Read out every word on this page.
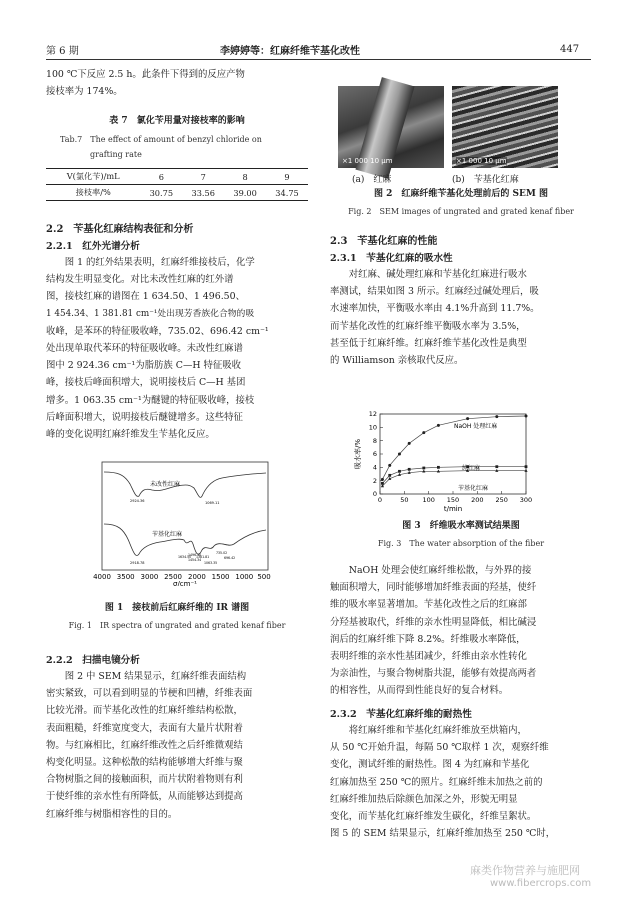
第 6 期	李婷婷等：红麻纤维苄基化改性	447

100 ℃下反应 2.5 h。此条件下得到的反应产物

接枝率为 174%。

表 7　氯化苄用量对接枝率的影响
Tab.7　The effect of amount of benzyl chloride on
grafting rate
V(氯化苄)/mL	6	7	8	9
接枝率/%	30.75	33.56	39.00	34.75
2.2　苄基化红麻结构表征和分析
2.2.1　红外光谱分析

　　图 1 的红外结果表明，红麻纤维接枝后，化学

结构发生明显变化。对比未改性红麻的红外谱

图，接枝红麻的谱图在 1 634.50、1 496.50、

1 454.34、1 381.81 cm⁻¹处出现芳香族化合物的吸

收峰，是苯环的特征吸收峰，735.02、696.42 cm⁻¹

处出现单取代苯环的特征吸收峰。未改性红麻谱

图中 2 924.36 cm⁻¹为脂肪族 C—H 特征吸收

峰，接枝后峰面积增大，说明接枝后 C—H 基团

增多。1 063.35 cm⁻¹为醚键的特征吸收峰，接枝

后峰面积增大，说明接枝后醚键增多。这些特征

峰的变化说明红麻纤维发生苄基化反应。

未改性红麻
2924.36	1069.11
苄基化红麻
2918.78
1634.50
1496.50
1454.34
1381.81
1063.35
735.02
696.42
4000 3500 3000 2500 2000 1500 1000 500
σ/cm⁻¹
图 1　接枝前后红麻纤维的 IR 谱图
Fig. 1　IR spectra of ungrated and grated kenaf fiber
2.2.2　扫描电镜分析

　　图 2 中 SEM 结果显示，红麻纤维表面结构

密实紧致，可以看到明显的节梗和凹槽，纤维表面

比较光滑。而苄基化改性的红麻纤维结构松散，

表面粗糙，纤维宽度变大，表面有大量片状附着

物。与红麻相比，红麻纤维改性之后纤维微观结

构变化明显。这种松散的结构能够增大纤维与聚

合物树脂之间的接触面积，而片状附着物则有利

于使纤维的亲水性有所降低，从而能够达到提高

红麻纤维与树脂相容性的目的。

×1 000 10 μm	×1 000 10 μm
(a)　红麻	(b)　苄基化红麻
图 2　红麻纤维苄基化处理前后的 SEM 图
Fig. 2　SEM images of ungrated and grated kenaf fiber
2.3　苄基化红麻的性能
2.3.1　苄基化红麻的吸水性

　　对红麻、碱处理红麻和苄基化红麻进行吸水

率测试，结果如图 3 所示。红麻经过碱处理后，吸

水速率加快，平衡吸水率由 4.1%升高到 11.7%。

而苄基化改性的红麻纤维平衡吸水率为 3.5%，

甚至低于红麻纤维。红麻纤维苄基化改性是典型

的 Williamson 亲核取代反应。

0
2
4
6
8
10
12
0	50 100 150 200 250 300
NaOH 处理红麻
纯红麻
苄基化红麻
t/min
吸水率/%
图 3　纤维吸水率测试结果图
Fig. 3　The water absorption of the fiber

　　NaOH 处理会使红麻纤维松散，与外界的接

触面积增大，同时能够增加纤维表面的羟基，使纤

维的吸水率显著增加。苄基化改性之后的红麻部

分羟基被取代，纤维的亲水性明显降低，相比碱浸

润后的红麻纤维下降 8.2%。纤维吸水率降低，

表明纤维的亲水性基团减少，纤维由亲水性转化

为亲油性，与聚合物树脂共混，能够有效提高两者

的相容性，从而得到性能良好的复合材料。

2.3.2　苄基化红麻纤维的耐热性

　　将红麻纤维和苄基化红麻纤维放至烘箱内，

从 50 ℃开始升温，每隔 50 ℃取样 1 次，观察纤维

变化，测试纤维的耐热性。图 4 为红麻和苄基化

红麻加热至 250 ℃的照片。红麻纤维未加热之前的

红麻纤维加热后除颜色加深之外，形貌无明显

变化，而苄基化红麻纤维发生碳化，纤维呈絮状。

图 5 的 SEM 结果显示，红麻纤维加热至 250 ℃时，

麻类作物营养与施肥网
www.fibercrops.com
